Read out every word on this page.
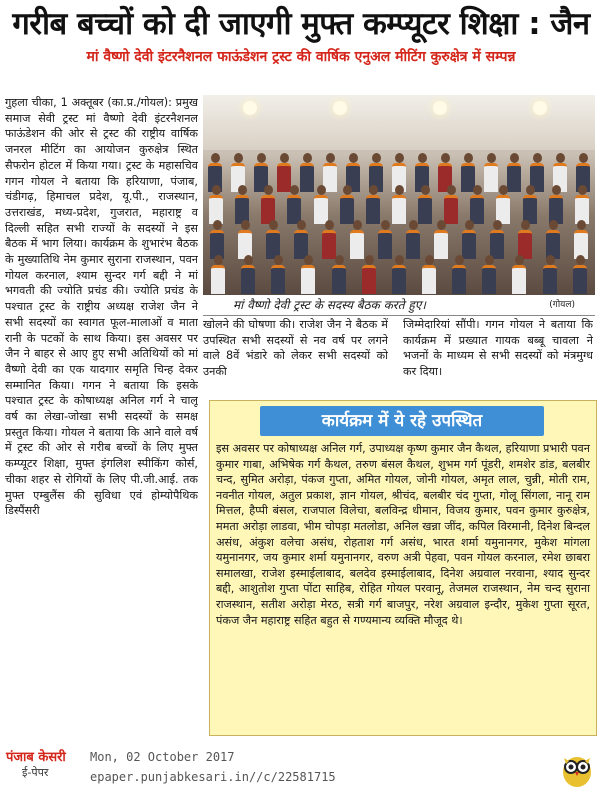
गरीब बच्चों को दी जाएगी मुफ्त कम्प्यूटर शिक्षा : जैन
मां वैष्णो देवी इंटरनैशनल फाऊंडेशन ट्रस्ट की वार्षिक एनुअल मीटिंग कुरुक्षेत्र में सम्पन्न
गुहला चीका, 1 अक्तूबर (का.प्र./गोयल): प्रमुख समाज सेवी ट्रस्ट मां वैष्णो देवी इंटरनैशनल फाऊंडेशन की ओर से ट्रस्ट की राष्ट्रीय वार्षिक जनरल मीटिंग का आयोजन कुरुक्षेत्र स्थित सैफरोन होटल में किया गया। ट्रस्ट के महासचिव गगन गोयल ने बताया कि हरियाणा, पंजाब, चंडीगढ़, हिमाचल प्रदेश, यू.पी., राजस्थान, उत्तराखंड, मध्य-प्रदेश, गुजरात, महाराष्ट्र व दिल्ली सहित सभी राज्यों के सदस्यों ने इस बैठक में भाग लिया। कार्यक्रम के शुभारंभ बैठक के मुख्यातिथि नेम कुमार सुराना राजस्थान, पवन गोयल करनाल, श्याम सुन्दर गर्ग बद्दी ने मां भगवती की ज्योति प्रचंड की। ज्योति प्रचंड के पश्चात ट्रस्ट के राष्ट्रीय अध्यक्ष राजेश जैन ने सभी सदस्यों का स्वागत फूल-मालाओं व माता रानी के पटकों के साथ किया। इस अवसर पर जैन ने बाहर से आए हुए सभी अतिथियों को मां वैष्णो देवी का एक यादगार समृति चिन्ह देकर सम्मानित किया। गगन ने बताया कि इसके पश्चात ट्रस्ट के कोषाध्यक्ष अनिल गर्ग ने चालू वर्ष का लेखा-जोखा सभी सदस्यों के समक्ष प्रस्तुत किया। गोयल ने बताया कि आने वाले वर्ष में ट्रस्ट की ओर से गरीब बच्चों के लिए मुफ्त कम्प्यूटर शिक्षा, मुफ्त इंगलिश स्पीकिंग कोर्स, चीका शहर से रोगियों के लिए पी.जी.आई. तक मुफ्त एम्बुलैंस की सुविधा एवं होम्योपैथिक डिस्पैंसरी
मां वैष्णो देवी ट्रस्ट के सदस्य बैठक करते हुए।	(गोयल)
खोलने की घोषणा की। राजेश जैन ने बैठक में उपस्थित सभी सदस्यों से नव वर्ष पर लगने वाले 8वें भंडारे को लेकर सभी सदस्यों को उनकी
जिम्मेदारियां सौंपी। गगन गोयल ने बताया कि कार्यक्रम में प्रख्यात गायक बब्बू चावला ने भजनों के माध्यम से सभी सदस्यों को मंत्रमुग्ध कर दिया।
कार्यक्रम में ये रहे उपस्थित
इस अवसर पर कोषाध्यक्ष अनिल गर्ग, उपाध्यक्ष कृष्ण कुमार जैन कैथल, हरियाणा प्रभारी पवन कुमार गाबा, अभिषेक गर्ग कैथल, तरुण बंसल कैथल, शुभम गर्ग पूंडरी, शमशेर डांड, बलबीर चन्द, सुमित अरोड़ा, पंकज गुप्ता, अमित गोयल, जोनी गोयल, अमृत लाल, चुन्नी, मोती राम, नवनीत गोयल, अतुल प्रकाश, ज्ञान गोयल, श्रीचंद, बलबीर चंद गुप्ता, गोलू सिंगला, नानू राम मित्तल, हैप्पी बंसल, राजपाल विलेचा, बलविन्द्र धीमान, विजय कुमार, पवन कुमार कुरुक्षेत्र, ममता अरोड़ा लाडवा, भीम चोपड़ा मतलोडा, अनिल खन्ना जींद, कपिल विरमानी, दिनेश बिन्दल असंध, अंकुश वलेचा असंध, रोहताश गर्ग असंध, भारत शर्मा यमुनानगर, मुकेश मांगला यमुनानगर, जय कुमार शर्मा यमुनानगर, वरुण अत्री पेहवा, पवन गोयल करनाल, रमेश छाबरा समालखा, राजेश इस्माईलाबाद, बलदेव इस्माईलाबाद, दिनेश अग्रवाल नरवाना, श्याद सुन्दर बद्दी, आशुतोश गुप्ता पोंटा साहिब, रोहित गोयल परवानू, तेजमल राजस्थान, नेम चन्द सुराना राजस्थान, सतीश अरोड़ा मेरठ, सत्री गर्ग बाजपुर, नरेश अग्रवाल इन्दौर, मुकेश गुप्ता सूरत, पंकज जैन महाराष्ट्र सहित बहुत से गण्यमान्य व्यक्ति मौजूद थे।
पंजाब केसरी
ई-पेपर
Mon, 02 October 2017
epaper.punjabkesari.in//c/22581715
